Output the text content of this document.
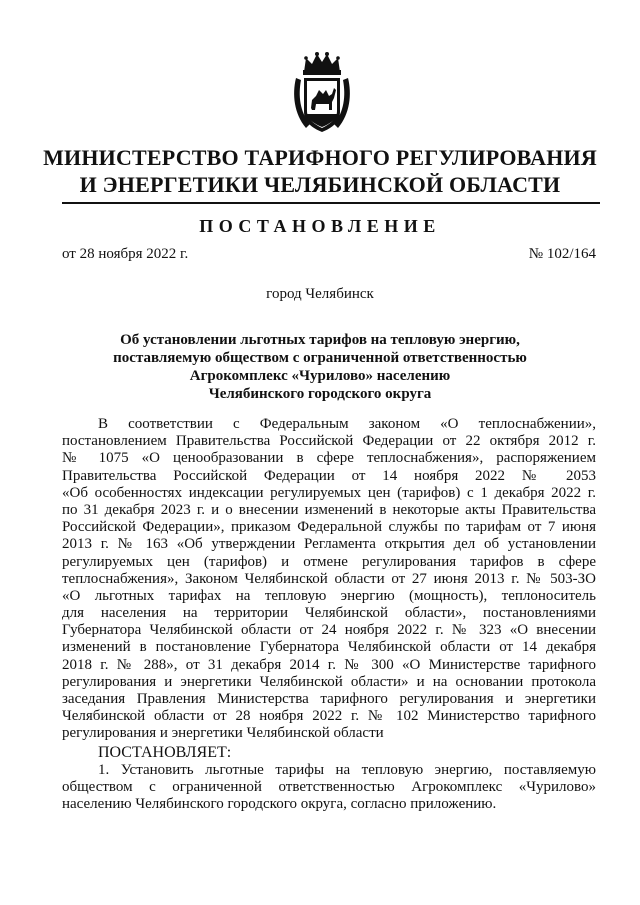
МИНИСТЕРСТВО ТАРИФНОГО РЕГУЛИРОВАНИЯ
И ЭНЕРГЕТИКИ ЧЕЛЯБИНСКОЙ ОБЛАСТИ
ПОСТАНОВЛЕНИЕ
от 28 ноября 2022 г.	№ 102/164
город Челябинск
Об установлении льготных тарифов на тепловую энергию,
поставляемую обществом с ограниченной ответственностью
Агрокомплекс «Чурилово» населению
Челябинского городского округа
В соответствии с Федеральным законом «О теплоснабжении»,
постановлением Правительства Российской Федерации от 22 октября 2012 г.
№ 1075 «О ценообразовании в сфере теплоснабжения», распоряжением
Правительства Российской Федерации от 14 ноября 2022 № 2053
«Об особенностях индексации регулируемых цен (тарифов) с 1 декабря 2022 г.
по 31 декабря 2023 г. и о внесении изменений в некоторые акты Правительства
Российской Федерации», приказом Федеральной службы по тарифам от 7 июня
2013 г. № 163 «Об утверждении Регламента открытия дел об установлении
регулируемых цен (тарифов) и отмене регулирования тарифов в сфере
теплоснабжения», Законом Челябинской области от 27 июня 2013 г. № 503-ЗО
«О льготных тарифах на тепловую энергию (мощность), теплоноситель
для населения на территории Челябинской области», постановлениями
Губернатора Челябинской области от 24 ноября 2022 г. № 323 «О внесении
изменений в постановление Губернатора Челябинской области от 14 декабря
2018 г. № 288», от 31 декабря 2014 г. № 300 «О Министерстве тарифного
регулирования и энергетики Челябинской области» и на основании протокола
заседания Правления Министерства тарифного регулирования и энергетики
Челябинской области от 28 ноября 2022 г. № 102 Министерство тарифного
регулирования и энергетики Челябинской области
ПОСТАНОВЛЯЕТ:
1. Установить льготные тарифы на тепловую энергию, поставляемую
обществом с ограниченной ответственностью Агрокомплекс «Чурилово»
населению Челябинского городского округа, согласно приложению.
